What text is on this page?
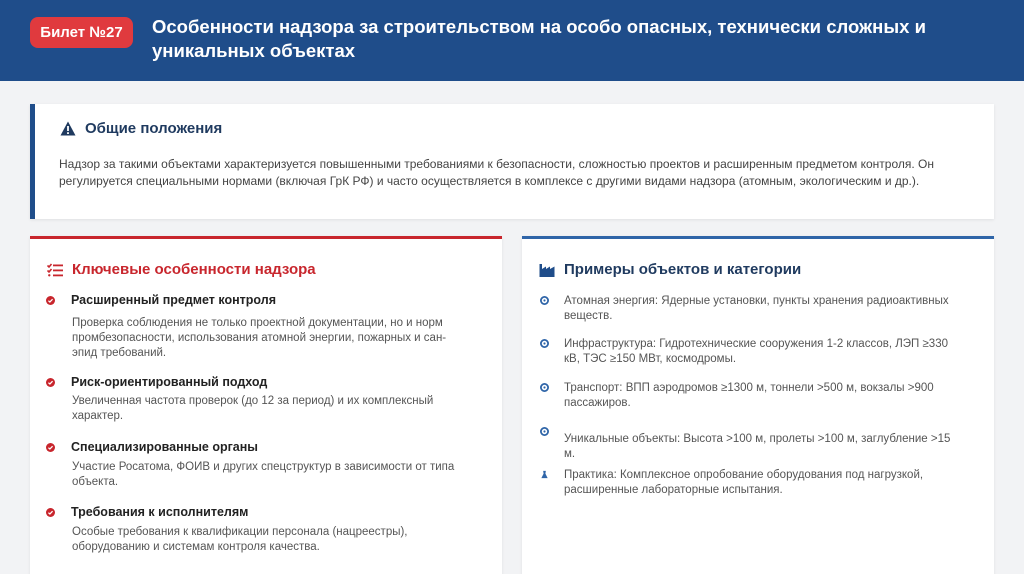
Билет №27	Особенности надзора за строительством на особо опасных, технически сложных и уникальных объектах
Общие положения
Надзор за такими объектами характеризуется повышенными требованиями к безопасности, сложностью проектов и расширенным предметом контроля. Он регулируется специальными нормами (включая ГрК РФ) и часто осуществляется в комплексе с другими видами надзора (атомным, экологическим и др.).
Ключевые особенности надзора
Расширенный предмет контроля
Проверка соблюдения не только проектной документации, но и норм промбезопасности, использования атомной энергии, пожарных и сан-эпид требований.
Риск-ориентированный подход
Увеличенная частота проверок (до 12 за период) и их комплексный характер.
Специализированные органы
Участие Росатома, ФОИВ и других спецструктур в зависимости от типа объекта.
Требования к исполнителям
Особые требования к квалификации персонала (нацреестры), оборудованию и системам контроля качества.
Примеры объектов и категории
Атомная энергия: Ядерные установки, пункты хранения радиоактивных веществ.
Инфраструктура: Гидротехнические сооружения 1-2 классов, ЛЭП ≥330 кВ, ТЭС ≥150 МВт, космодромы.
Транспорт: ВПП аэродромов ≥1300 м, тоннели >500 м, вокзалы >900 пассажиров.
Уникальные объекты: Высота >100 м, пролеты >100 м, заглубление >15 м.
Практика: Комплексное опробование оборудования под нагрузкой, расширенные лабораторные испытания.
